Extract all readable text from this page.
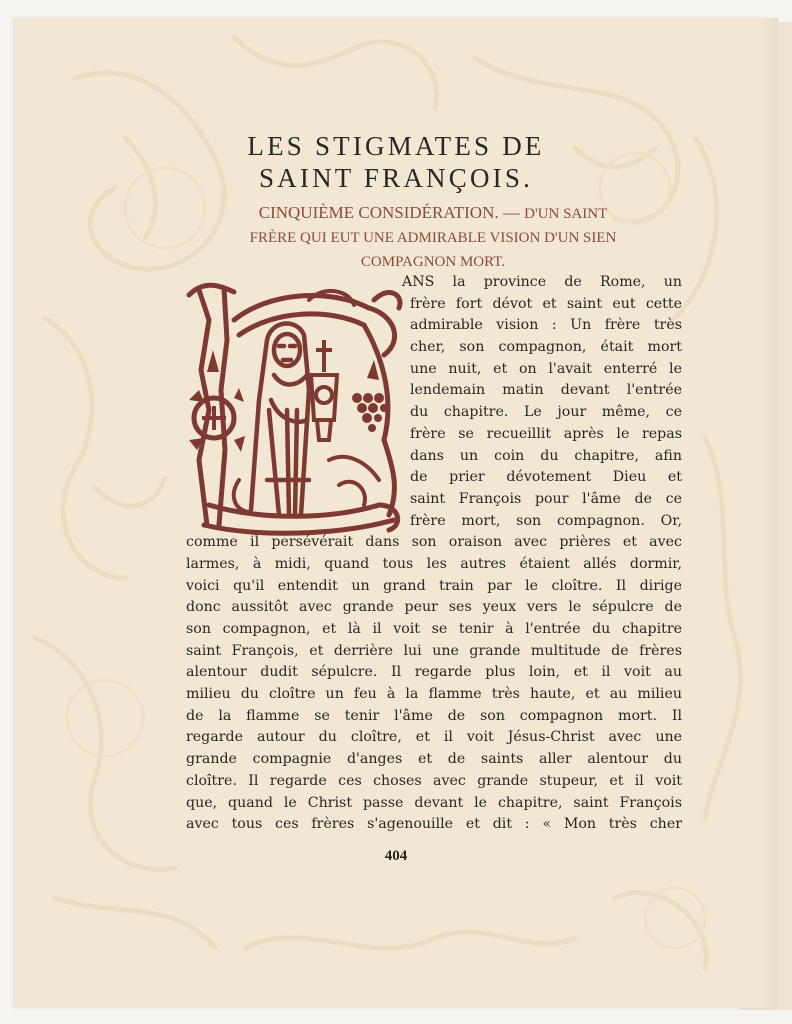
LES STIGMATES DE
SAINT FRANÇOIS.
CINQUIÈME CONSIDÉRATION. — D'UN SAINT
FRÈRE QUI EUT UNE ADMIRABLE VISION D'UN SIEN
COMPAGNON MORT.
ANS la province de Rome, un
frère fort dévot et saint eut cette
admirable vision : Un frère très
cher, son compagnon, était mort
une nuit, et on l'avait enterré le
lendemain matin devant l'entrée
du chapitre. Le jour même, ce
frère se recueillit après le repas
dans un coin du chapitre, afin
de prier dévotement Dieu et
saint François pour l'âme de ce
frère mort, son compagnon. Or,
comme il persévérait dans son oraison avec prières et avec
larmes, à midi, quand tous les autres étaient allés dormir,
voici qu'il entendit un grand train par le cloître. Il dirige
donc aussitôt avec grande peur ses yeux vers le sépulcre de
son compagnon, et là il voit se tenir à l'entrée du chapitre
saint François, et derrière lui une grande multitude de frères
alentour dudit sépulcre. Il regarde plus loin, et il voit au
milieu du cloître un feu à la flamme très haute, et au milieu
de la flamme se tenir l'âme de son compagnon mort. Il
regarde autour du cloître, et il voit Jésus-Christ avec une
grande compagnie d'anges et de saints aller alentour du
cloître. Il regarde ces choses avec grande stupeur, et il voit
que, quand le Christ passe devant le chapitre, saint François
avec tous ces frères s'agenouille et dit : « Mon très cher
404
